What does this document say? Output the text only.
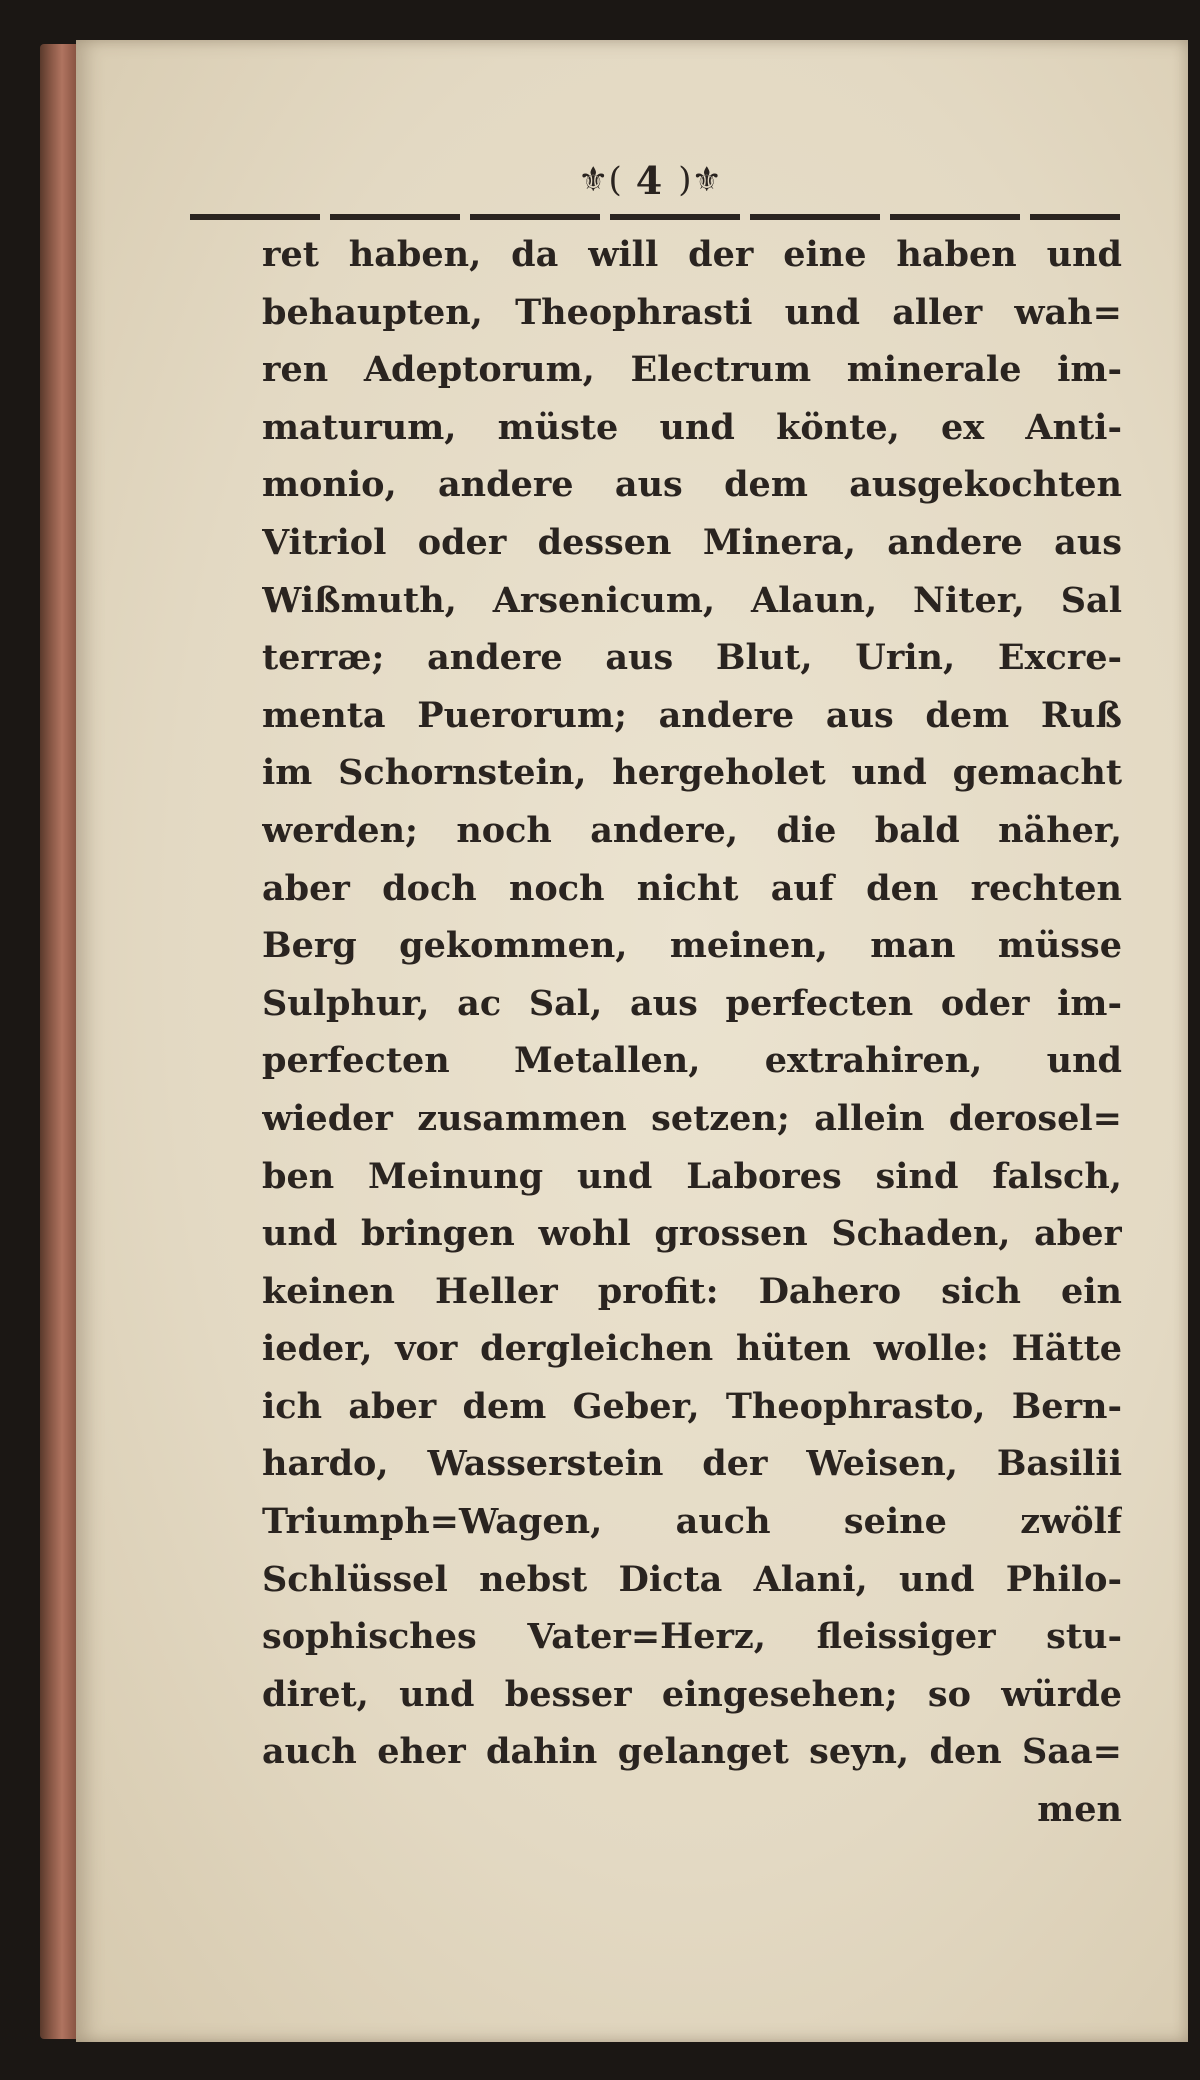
⚜( 4 )⚜
ret haben, da will der eine haben und
behaupten, Theophrasti und aller wah=
ren Adeptorum, Electrum minerale im-
maturum, müste und könte, ex Anti-
monio, andere aus dem ausgekochten
Vitriol oder dessen Minera, andere aus
Wißmuth, Arsenicum, Alaun, Niter, Sal
terræ; andere aus Blut, Urin, Excre-
menta Puerorum; andere aus dem Ruß
im Schornstein, hergeholet und gemacht
werden; noch andere, die bald näher,
aber doch noch nicht auf den rechten
Berg gekommen, meinen, man müsse
Sulphur, ac Sal, aus perfecten oder im-
perfecten Metallen, extrahiren, und
wieder zusammen setzen; allein derosel=
ben Meinung und Labores sind falsch,
und bringen wohl grossen Schaden, aber
keinen Heller profit: Dahero sich ein
ieder, vor dergleichen hüten wolle: Hätte
ich aber dem Geber, Theophrasto, Bern-
hardo, Wasserstein der Weisen, Basilii
Triumph=Wagen, auch seine zwölf
Schlüssel nebst Dicta Alani, und Philo-
sophisches Vater=Herz, fleissiger stu-
diret, und besser eingesehen; so würde
auch eher dahin gelanget seyn, den Saa=
men
